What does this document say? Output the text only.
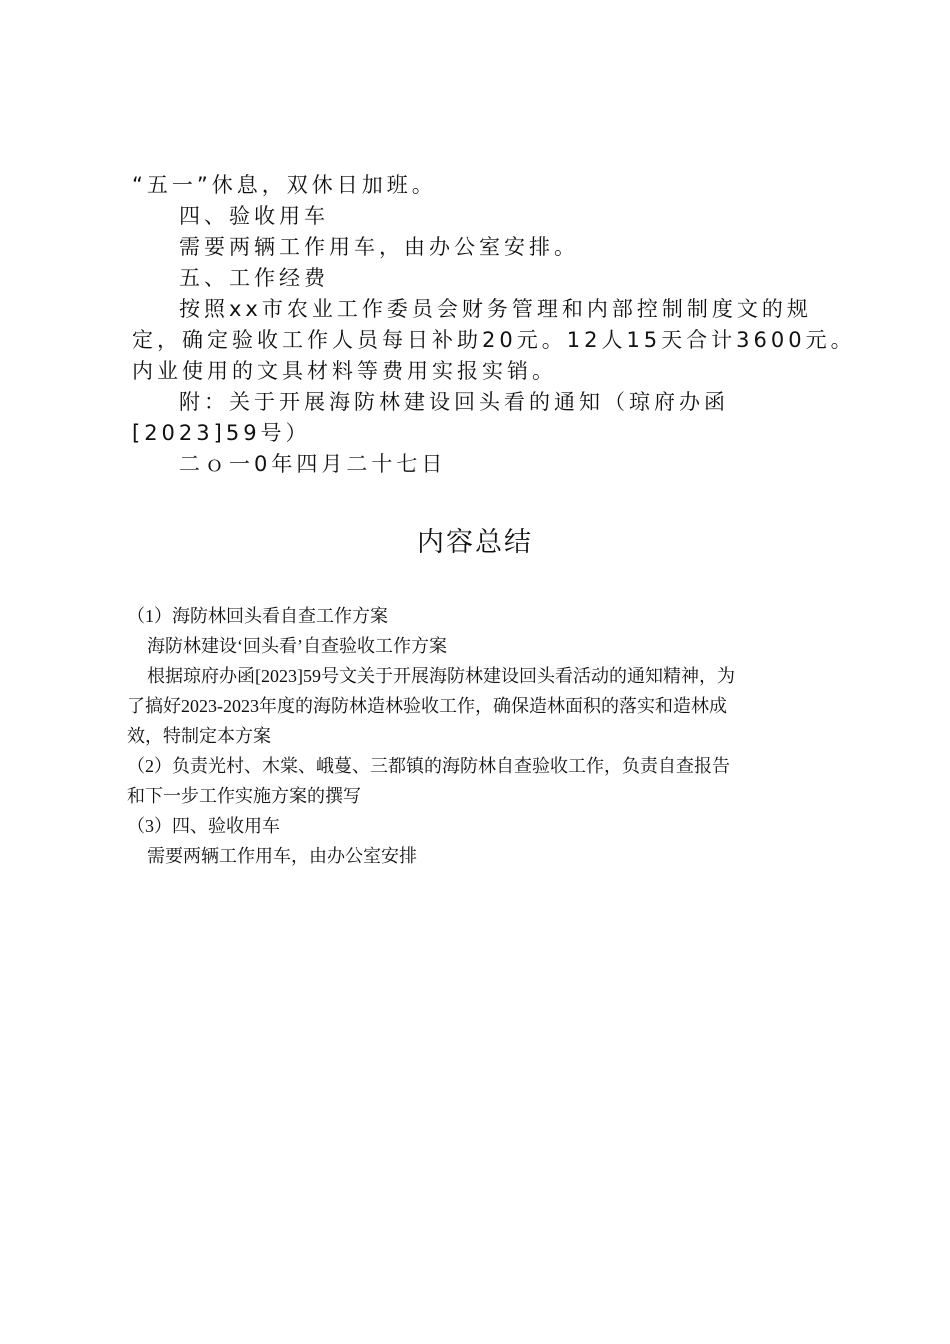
“五一”休息，双休日加班。

四、验收用车

需要两辆工作用车，由办公室安排。

五、工作经费

按照xx市农业工作委员会财务管理和内部控制制度文的规

定，确定验收工作人员每日补助20元。12人15天合计3600元。

内业使用的文具材料等费用实报实销。

附：关于开展海防林建设回头看的通知（琼府办函

[2023]59号）

二ｏ一0年四月二十七日

内容总结

（1）海防林回头看自查工作方案

海防林建设‘回头看’自查验收工作方案

根据琼府办函[2023]59号文关于开展海防林建设回头看活动的通知精神，为

了搞好2023-2023年度的海防林造林验收工作，确保造林面积的落实和造林成

效，特制定本方案

（2）负责光村、木棠、峨蔓、三都镇的海防林自查验收工作，负责自查报告

和下一步工作实施方案的撰写

（3）四、验收用车

需要两辆工作用车，由办公室安排
